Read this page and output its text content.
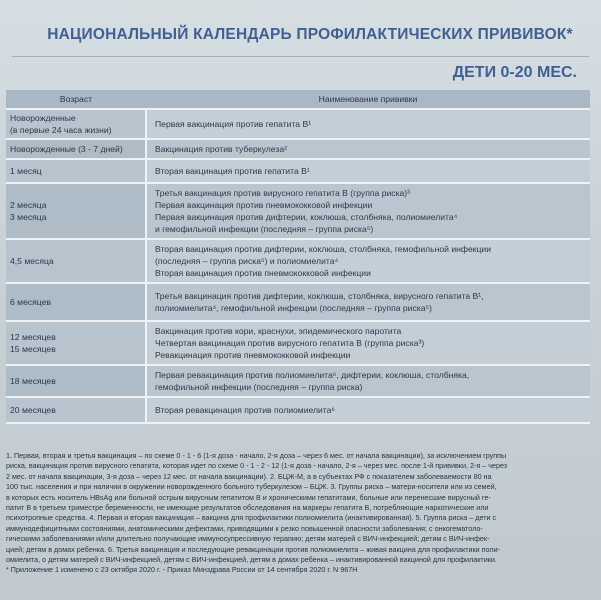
НАЦИОНАЛЬНЫЙ КАЛЕНДАРЬ ПРОФИЛАКТИЧЕСКИХ ПРИВИВОК*
ДЕТИ 0-20 МЕС.
Возраст	Наименование прививки

Новорожденные
(в первые 24 часа жизни)	Первая вакцинация против гепатита В¹

Новорожденные (3 - 7 дней)	Вакцинация против туберкулеза²

1 месяц	Вторая вакцинация против гепатита В¹

2 месяца
3 месяца	Третья вакцинация против вирусного гепатита В (группа риска)³
Первая вакцинация против пневмококковой инфекции
Первая вакцинация против дифтерии, коклюша, столбняка, полиомиелита⁴
и гемофильной инфекции (последняя – группа риска⁵)

4,5 месяца	Вторая вакцинация против дифтерии, коклюша, столбняка, гемофильной инфекции
(последняя – группа риска⁵) и полиомиелита⁴
Вторая вакцинация против пневмококковой инфекции

6 месяцев	Третья вакцинация против дифтерии, коклюша, столбняка, вирусного гепатита В¹,
полиомиелита⁴, гемофильной инфекции (последняя – группа риска⁵)

12 месяцев
15 месяцев	Вакцинация против кори, краснухи, эпидемического паротита
Четвертая вакцинация против вирусного гепатита В (группа риска³)
Ревакцинация против пневмококковой инфекции

18 месяцев	Первая ревакцинация против полиомиелита⁶, дифтерии, коклюша, столбняка,
гемофильной инфекции (последняя – группа риска)

20 месяцев	Вторая ревакцинация против полиомиелита⁶
1. Первая, вторая и третья вакцинация – по схеме 0 - 1 - 6 (1-я доза - начало, 2-я доза – через 6 мес. от начала вакцинации), за исключением группы
риска, вакцинация против вирусного гепатита, которая идет по схеме 0 - 1 - 2 - 12 (1-я доза - начало, 2-я – через мес. после 1-й прививки, 2-я – через
2 мес. от начала вакцинации, 3-я доза – через 12 мес. от начала вакцинации). 2. БЦЖ-М, а в субъектах РФ с показателем заболеваемости 80 на
100 тыс. населения и при наличии в окружении новорожденного больного туберкулезом – БЦЖ. 3. Группы риска – матери-носители или из семей,
в которых есть носитель HBsAg или больной острым вирусным гепатитом В и хроническими гепатитами, больные или перенесшие вирусный ге-
патит В в третьем триместре беременности, не имеющие результатов обследования на маркеры гепатита В, потребляющие наркотические или
психотропные средства. 4. Первая и вторая вакцинация – вакцина для профилактики полиомиелита (инактивированная). 5. Группа риска – дети с
иммунодефицитными состояниями, анатомическими дефектами, приводящими к резко повышенной опасности заболевания; с онкогематоло-
гическими заболеваниями и/или длительно получающие иммуносупрессивную терапию; детям матерей с ВИЧ-инфекцией; детям с ВИЧ-инфек-
цией; детям в домах ребенка. 6. Третья вакцинация и последующие ревакцинации против полиомиелита – живая вакцина для профилактики поли-
омиелита, о детям матерей с ВИЧ-инфекцией, детям с ВИЧ-инфекцией, детям в домах ребенка – инактивированной вакциной для профилактики.
* Приложение 1 изменено с 23 октября 2020 г. - Приказ Минздрава России от 14 сентября 2020 г. N 967Н
